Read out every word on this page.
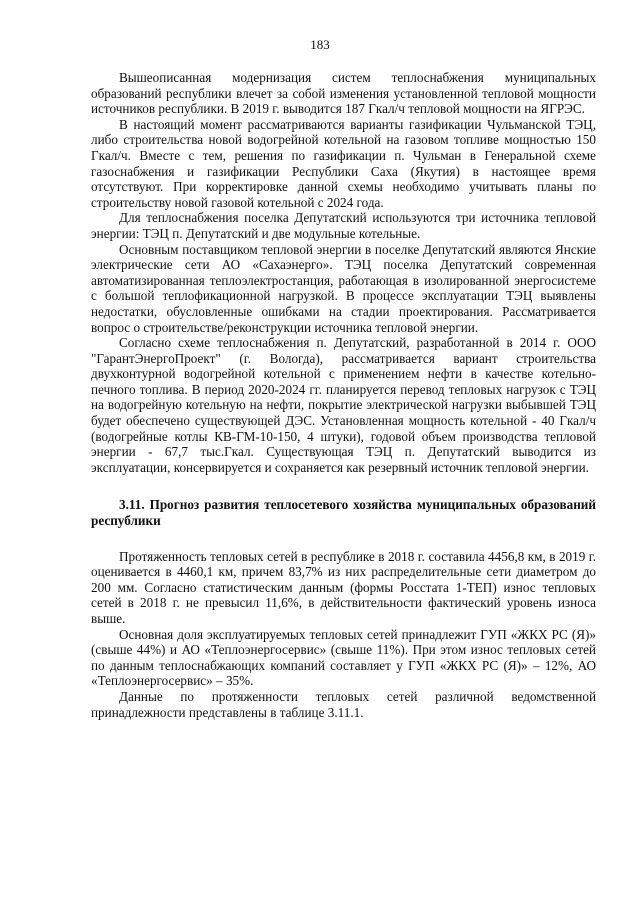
183

Вышеописанная модернизация систем теплоснабжения муниципальных образований республики влечет за собой изменения установленной тепловой мощности источников республики. В 2019 г. выводится 187 Гкал/ч тепловой мощности на ЯГРЭС.

В настоящий момент рассматриваются варианты газификации Чульманской ТЭЦ, либо строительства новой водогрейной котельной на газовом топливе мощностью 150 Гкал/ч. Вместе с тем, решения по газификации п. Чульман в Генеральной схеме газоснабжения и газификации Республики Саха (Якутия) в настоящее время отсутствуют. При корректировке данной схемы необходимо учитывать планы по строительству новой газовой котельной с 2024 года.

Для теплоснабжения поселка Депутатский используются три источника тепловой энергии: ТЭЦ п. Депутатский и две модульные котельные.

Основным поставщиком тепловой энергии в поселке Депутатский являются Янские электрические сети АО «Сахаэнерго». ТЭЦ поселка Депутатский современная автоматизированная теплоэлектростанция, работающая в изолированной энергосистеме с большой теплофикационной нагрузкой. В процессе эксплуатации ТЭЦ выявлены недостатки, обусловленные ошибками на стадии проектирования. Рассматривается вопрос о строительстве/реконструкции источника тепловой энергии.

Согласно схеме теплоснабжения п. Депутатский, разработанной в 2014 г. ООО "ГарантЭнергоПроект" (г. Вологда), рассматривается вариант строительства двухконтурной водогрейной котельной с применением нефти в качестве котельно-печного топлива. В период 2020-2024 гг. планируется перевод тепловых нагрузок с ТЭЦ на водогрейную котельную на нефти, покрытие электрической нагрузки выбывшей ТЭЦ будет обеспечено существующей ДЭС. Установленная мощность котельной - 40 Гкал/ч (водогрейные котлы КВ-ГМ-10-150, 4 штуки), годовой объем производства тепловой энергии - 67,7 тыс.Гкал. Существующая ТЭЦ п. Депутатский выводится из эксплуатации, консервируется и сохраняется как резервный источник тепловой энергии.

3.11. Прогноз развития теплосетевого хозяйства муниципальных образований республики

Протяженность тепловых сетей в республике в 2018 г. составила 4456,8 км, в 2019 г. оценивается в 4460,1 км, причем 83,7% из них распределительные сети диаметром до 200 мм. Согласно статистическим данным (формы Росстата 1-ТЕП) износ тепловых сетей в 2018 г. не превысил 11,6%, в действительности фактический уровень износа выше.

Основная доля эксплуатируемых тепловых сетей принадлежит ГУП «ЖКХ РС (Я)» (свыше 44%) и АО «Теплоэнергосервис» (свыше 11%). При этом износ тепловых сетей по данным теплоснабжающих компаний составляет у ГУП «ЖКХ РС (Я)» – 12%, АО «Теплоэнергосервис» – 35%.

Данные по протяженности тепловых сетей различной ведомственной принадлежности представлены в таблице 3.11.1.
